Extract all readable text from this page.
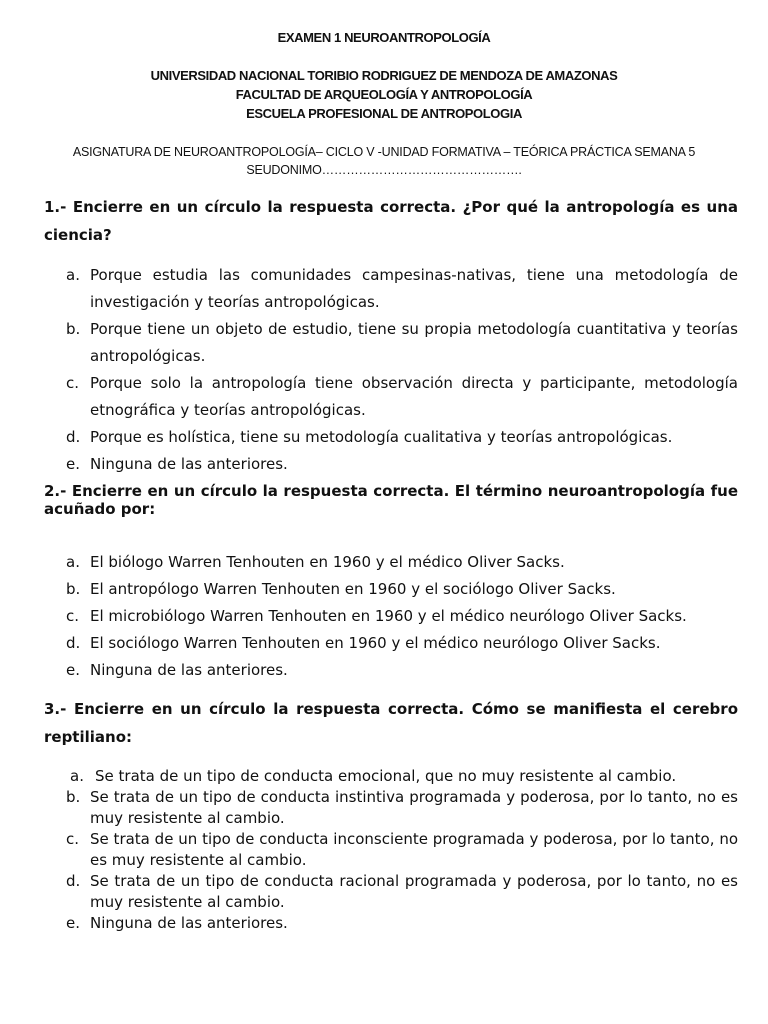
EXAMEN 1 NEUROANTROPOLOGÍA
UNIVERSIDAD NACIONAL TORIBIO RODRIGUEZ DE MENDOZA DE AMAZONAS
FACULTAD DE ARQUEOLOGÍA Y ANTROPOLOGÍA
ESCUELA PROFESIONAL DE ANTROPOLOGIA
ASIGNATURA DE NEUROANTROPOLOGÍA– CICLO V -UNIDAD FORMATIVA – TEÓRICA PRÁCTICA SEMANA 5
SEUDONIMO………………………………………….
1.- Encierre en un círculo la respuesta correcta. ¿Por qué la antropología es una ciencia?
a. Porque estudia las comunidades campesinas-nativas, tiene una metodología de investigación y teorías antropológicas.
b. Porque tiene un objeto de estudio, tiene su propia metodología cuantitativa y teorías antropológicas.
c. Porque solo la antropología tiene observación directa y participante, metodología etnográfica y teorías antropológicas.
d. Porque es holística, tiene su metodología cualitativa y teorías antropológicas.
e. Ninguna de las anteriores.
2.- Encierre en un círculo la respuesta correcta. El término neuroantropología fue acuñado por:
a. El biólogo Warren Tenhouten en 1960 y el médico Oliver Sacks.
b. El antropólogo Warren Tenhouten en 1960 y el sociólogo Oliver Sacks.
c. El microbiólogo Warren Tenhouten en 1960 y el médico neurólogo Oliver Sacks.
d. El sociólogo Warren Tenhouten en 1960 y el médico neurólogo Oliver Sacks.
e. Ninguna de las anteriores.
3.- Encierre en un círculo la respuesta correcta. Cómo se manifiesta el cerebro reptiliano:
a. Se trata de un tipo de conducta emocional, que no muy resistente al cambio.
b. Se trata de un tipo de conducta instintiva programada y poderosa, por lo tanto, no es muy resistente al cambio.
c. Se trata de un tipo de conducta inconsciente programada y poderosa, por lo tanto, no es muy resistente al cambio.
d. Se trata de un tipo de conducta racional programada y poderosa, por lo tanto, no es muy resistente al cambio.
e. Ninguna de las anteriores.
